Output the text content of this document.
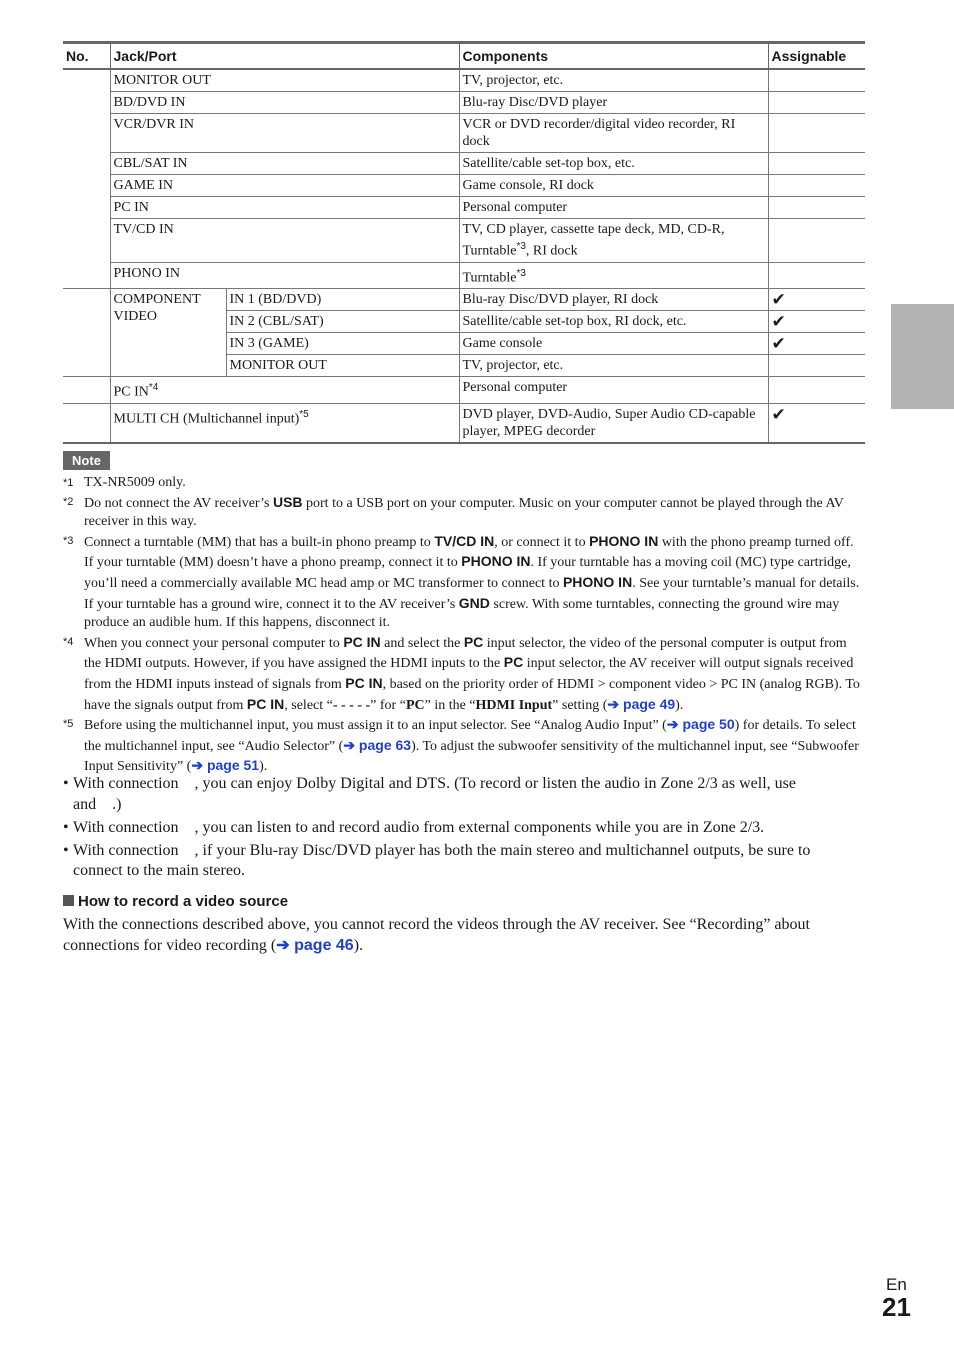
No.	Jack/Port		Components	Assignable
	MONITOR OUT		TV, projector, etc.	
	BD/DVD IN		Blu-ray Disc/DVD player	
	VCR/DVR IN		VCR or DVD recorder/digital video recorder, RI dock	
	CBL/SAT IN		Satellite/cable set-top box, etc.	
	GAME IN		Game console, RI dock	
	PC IN		Personal computer	
	TV/CD IN		TV, CD player, cassette tape deck, MD, CD-R, Turntable$^{*3}$, RI dock	
	PHONO IN		Turntable$^{*3}$	
	COMPONENT VIDEO	IN 1 (BD/DVD)	Blu-ray Disc/DVD player, RI dock	✔
		IN 2 (CBL/SAT)	Satellite/cable set-top box, RI dock, etc.	✔
		IN 3 (GAME)	Game console	✔
		MONITOR OUT	TV, projector, etc.	
	PC IN$^{*4}$		Personal computer	
	MULTI CH (Multichannel input)$^{*5}$		DVD player, DVD-Audio, Super Audio CD-capable player, MPEG decorder	✔
Note
*1 TX-NR5009 only.
*2 Do not connect the AV receiver’s USB port to a USB port on your computer. Music on your computer cannot be played through the AV receiver in this way.
*3 Connect a turntable (MM) that has a built-in phono preamp to TV/CD IN, or connect it to PHONO IN with the phono preamp turned off. If your turntable (MM) doesn’t have a phono preamp, connect it to PHONO IN. If your turntable has a moving coil (MC) type cartridge, you’ll need a commercially available MC head amp or MC transformer to connect to PHONO IN. See your turntable’s manual for details.
If your turntable has a ground wire, connect it to the AV receiver’s GND screw. With some turntables, connecting the ground wire may produce an audible hum. If this happens, disconnect it.
*4 When you connect your personal computer to PC IN and select the PC input selector, the video of the personal computer is output from the HDMI outputs. However, if you have assigned the HDMI inputs to the PC input selector, the AV receiver will output signals received from the HDMI inputs instead of signals from PC IN, based on the priority order of HDMI > component video > PC IN (analog RGB). To have the signals output from PC IN, select “- - - - -” for “PC” in the “HDMI Input” setting (➔ page 49).
*5 Before using the multichannel input, you must assign it to an input selector. See “Analog Audio Input” (➔ page 50) for details. To select the multichannel input, see “Audio Selector” (➔ page 63). To adjust the subwoofer sensitivity of the multichannel input, see “Subwoofer Input Sensitivity” (➔ page 51).
• With connection , you can enjoy Dolby Digital and DTS. (To record or listen the audio in Zone 2/3 as well, use
and .)
• With connection , you can listen to and record audio from external components while you are in Zone 2/3.
• With connection , if your Blu-ray Disc/DVD player has both the main stereo and multichannel outputs, be sure to connect to the main stereo.
How to record a video source
With the connections described above, you cannot record the videos through the AV receiver. See “Recording” about connections for video recording (➔ page 46).
En
21
